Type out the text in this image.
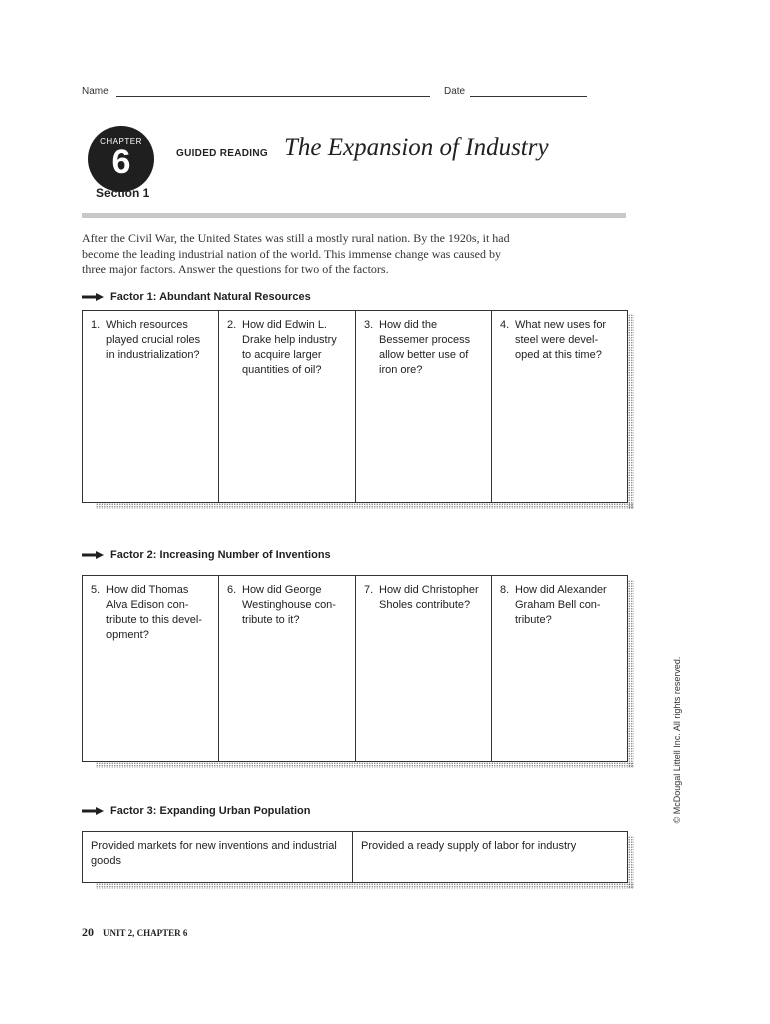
Name	Date
CHAPTER
6
Section 1
GUIDED READING The Expansion of Industry

After the Civil War, the United States was still a mostly rural nation. By the 1920s, it had become the leading industrial nation of the world. This immense change was caused by three major factors. Answer the questions for two of the factors.

Factor 1: Abundant Natural Resources
1. Which resources played crucial roles in industrialization?
2. How did Edwin L. Drake help industry to acquire larger quantities of oil?
3. How did the Bessemer process allow better use of iron ore?
4. What new uses for steel were devel-oped at this time?
Factor 2: Increasing Number of Inventions
5. How did Thomas Alva Edison con-tribute to this devel-opment?
6. How did George Westinghouse con-tribute to it?
7. How did Christopher Sholes contribute?
8. How did Alexander Graham Bell con-tribute?
Factor 3: Expanding Urban Population
Provided markets for new inventions and industrial goods
Provided a ready supply of labor for industry
20 UNIT 2, CHAPTER 6
© McDougal Littell Inc. All rights reserved.
